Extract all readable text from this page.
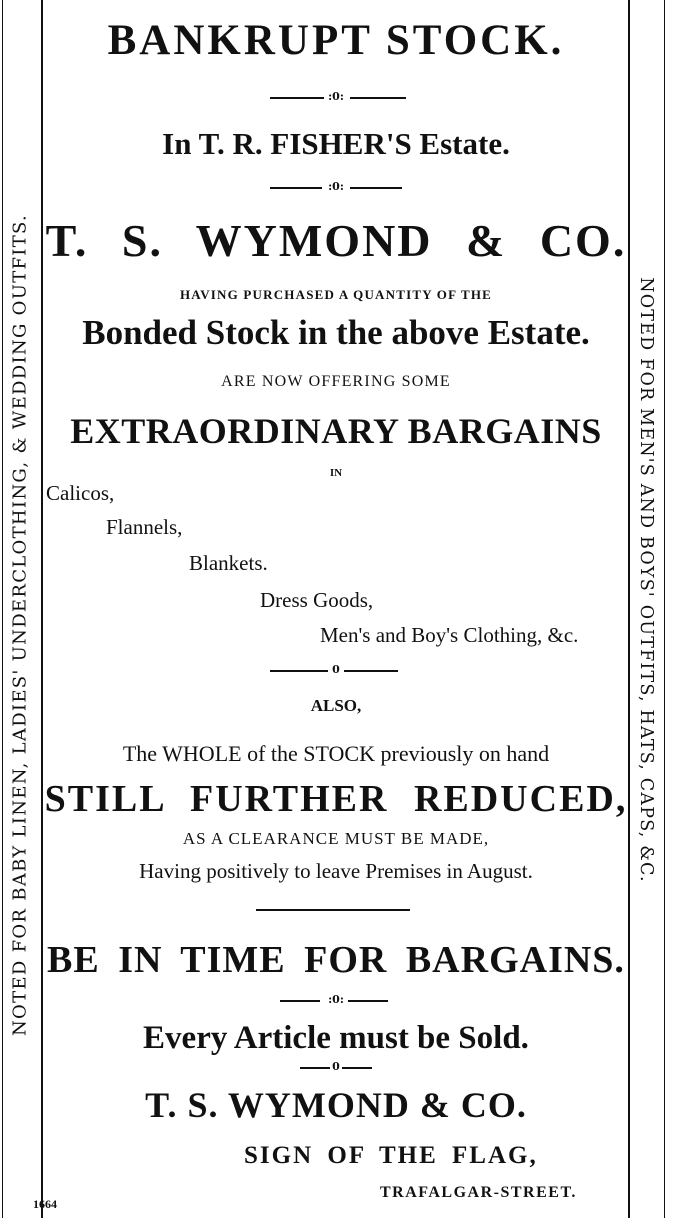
NOTED FOR BABY LINEN, LADIES' UNDERCLOTHING, & WEDDING OUTFITS.	NOTED FOR MEN'S AND BOYS' OUTFITS, HATS, CAPS, &C.
BANKRUPT STOCK.
:0:
In T. R. FISHER'S Estate.
:0:
T. S. WYMOND & CO.
HAVING PURCHASED A QUANTITY OF THE
Bonded Stock in the above Estate.
ARE NOW OFFERING SOME
EXTRAORDINARY BARGAINS
IN
Calicos,
Flannels,
Blankets.
Dress Goods,
Men's and Boy's Clothing, &c.
0
ALSO,
The WHOLE of the STOCK previously on hand
STILL FURTHER REDUCED,
AS A CLEARANCE MUST BE MADE,
Having positively to leave Premises in August.
BE IN TIME FOR BARGAINS.
:0:
Every Article must be Sold.
0
T. S. WYMOND & CO.
SIGN OF THE FLAG,
TRAFALGAR-STREET.
1664
